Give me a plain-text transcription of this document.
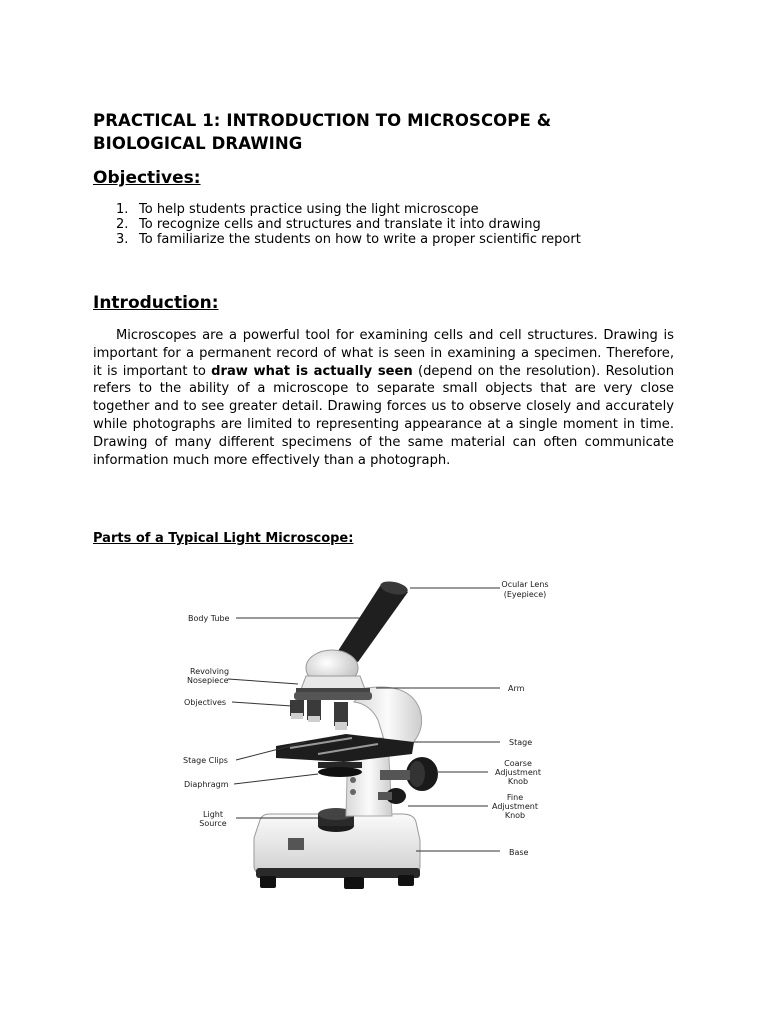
PRACTICAL 1: INTRODUCTION TO MICROSCOPE &
BIOLOGICAL DRAWING
Objectives:
1. To help students practice using the light microscope
2. To recognize cells and structures and translate it into drawing
3. To familiarize the students on how to write a proper scientific report
Introduction:

Microscopes are a powerful tool for examining cells and cell structures. Drawing is important for a permanent record of what is seen in examining a specimen. Therefore, it is important to draw what is actually seen (depend on the resolution). Resolution refers to the ability of a microscope to separate small objects that are very close together and to see greater detail. Drawing forces us to observe closely and accurately while photographs are limited to representing appearance at a single moment in time. Drawing of many different specimens of the same material can often communicate information much more effectively than a photograph.

Parts of a Typical Light Microscope:
Ocular Lens
(Eyepiece)
Body Tube
Revolving
Nosepiece
Arm
Objectives
Stage
Stage Clips	Coarse
Adjustment
Knob
Diaphragm
Fine
Adjustment
Knob
Light
Source
Base
